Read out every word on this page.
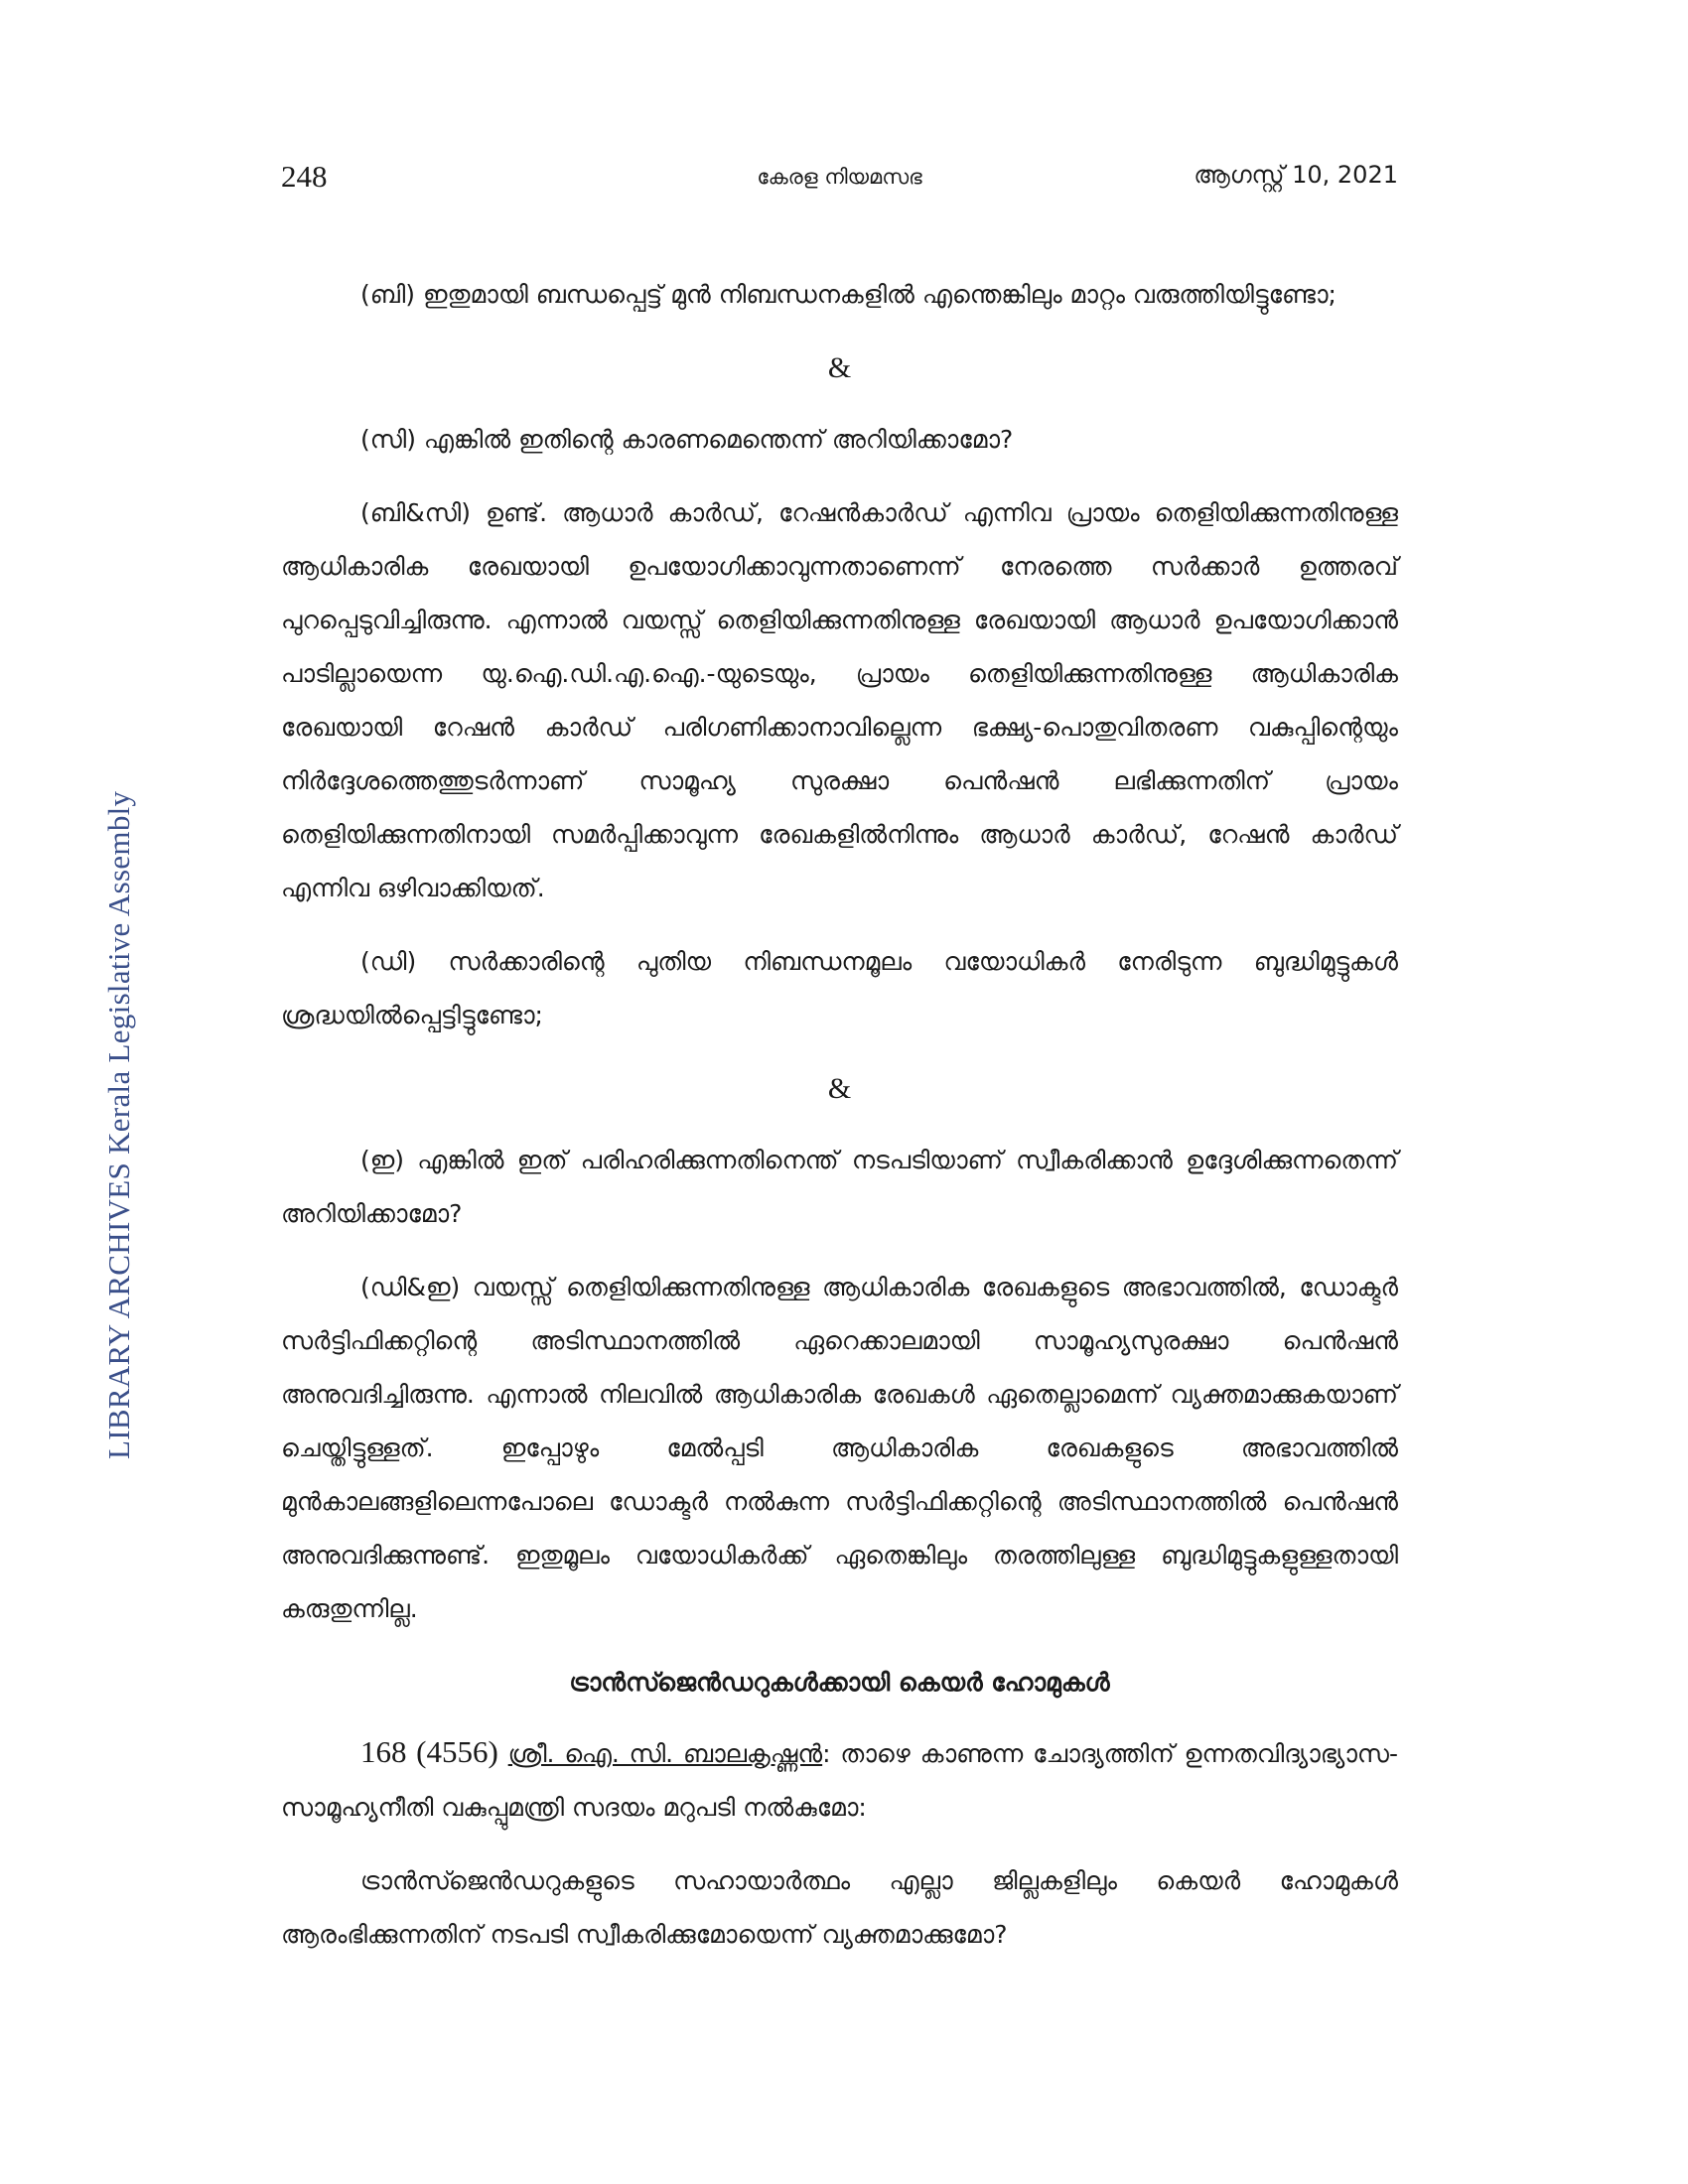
LIBRARY ARCHIVES Kerala Legislative Assembly
248	കേരള നിയമസഭ	ആഗസ്റ്റ് 10, 2021

(ബി) ഇതുമായി ബന്ധപ്പെട്ട് മുൻ നിബന്ധനകളിൽ എന്തെങ്കിലും മാറ്റം വരുത്തിയിട്ടുണ്ടോ;

&

(സി) എങ്കിൽ ഇതിന്റെ കാരണമെന്തെന്ന് അറിയിക്കാമോ?

(ബി&സി) ഉണ്ട്. ആധാർ കാർഡ്, റേഷൻകാർഡ് എന്നിവ പ്രായം തെളിയിക്കുന്നതിനുള്ള ആധികാരിക രേഖയായി ഉപയോഗിക്കാവുന്നതാണെന്ന് നേരത്തെ സർക്കാർ ഉത്തരവ് പുറപ്പെടുവിച്ചിരുന്നു. എന്നാൽ വയസ്സ് തെളിയിക്കുന്നതിനുള്ള രേഖയായി ആധാർ ഉപയോഗിക്കാൻ പാടില്ലായെന്ന യു.ഐ.ഡി.എ.ഐ.-യുടെയും, പ്രായം തെളിയിക്കുന്നതിനുള്ള ആധികാരിക രേഖയായി റേഷൻ കാർഡ് പരിഗണിക്കാനാവില്ലെന്ന ഭക്ഷ്യ-പൊതുവിതരണ വകുപ്പിന്റെയും നിർദ്ദേശത്തെത്തുടർന്നാണ് സാമൂഹ്യ സുരക്ഷാ പെൻഷൻ ലഭിക്കുന്നതിന് പ്രായം തെളിയിക്കുന്നതിനായി സമർപ്പിക്കാവുന്ന രേഖകളിൽനിന്നും ആധാർ കാർഡ്, റേഷൻ കാർഡ് എന്നിവ ഒഴിവാക്കിയത്.

(ഡി) സർക്കാരിന്റെ പുതിയ നിബന്ധനമൂലം വയോധികർ നേരിടുന്ന ബുദ്ധിമുട്ടുകൾ ശ്രദ്ധയിൽപ്പെട്ടിട്ടുണ്ടോ;

&

(ഇ) എങ്കിൽ ഇത് പരിഹരിക്കുന്നതിനെന്ത് നടപടിയാണ് സ്വീകരിക്കാൻ ഉദ്ദേശിക്കുന്നതെന്ന് അറിയിക്കാമോ?

(ഡി&ഇ) വയസ്സ് തെളിയിക്കുന്നതിനുള്ള ആധികാരിക രേഖകളുടെ അഭാവത്തിൽ, ഡോക്ടർ സർട്ടിഫിക്കറ്റിന്റെ അടിസ്ഥാനത്തിൽ ഏറെക്കാലമായി സാമൂഹ്യസുരക്ഷാ പെൻഷൻ അനുവദിച്ചിരുന്നു. എന്നാൽ നിലവിൽ ആധികാരിക രേഖകൾ ഏതെല്ലാമെന്ന് വ്യക്തമാക്കുകയാണ് ചെയ്തിട്ടുള്ളത്. ഇപ്പോഴും മേൽപ്പടി ആധികാരിക രേഖകളുടെ അഭാവത്തിൽ മുൻകാലങ്ങളിലെന്നപോലെ ഡോക്ടർ നൽകുന്ന സർട്ടിഫിക്കറ്റിന്റെ അടിസ്ഥാനത്തിൽ പെൻഷൻ അനുവദിക്കുന്നുണ്ട്. ഇതുമൂലം വയോധികർക്ക് ഏതെങ്കിലും തരത്തിലുള്ള ബുദ്ധിമുട്ടുകളുള്ളതായി കരുതുന്നില്ല.

ട്രാൻസ്ജെൻഡറുകൾക്കായി കെയർ ഹോമുകൾ

168 (4556) ശ്രീ. ഐ. സി. ബാലകൃഷ്ണൻ: താഴെ കാണുന്ന ചോദ്യത്തിന് ഉന്നതവിദ്യാഭ്യാസ-സാമൂഹ്യനീതി വകുപ്പുമന്ത്രി സദയം മറുപടി നൽകുമോ:

ട്രാൻസ്ജെൻഡറുകളുടെ സഹായാർത്ഥം എല്ലാ ജില്ലകളിലും കെയർ ഹോമുകൾ ആരംഭിക്കുന്നതിന് നടപടി സ്വീകരിക്കുമോയെന്ന് വ്യക്തമാക്കുമോ?
